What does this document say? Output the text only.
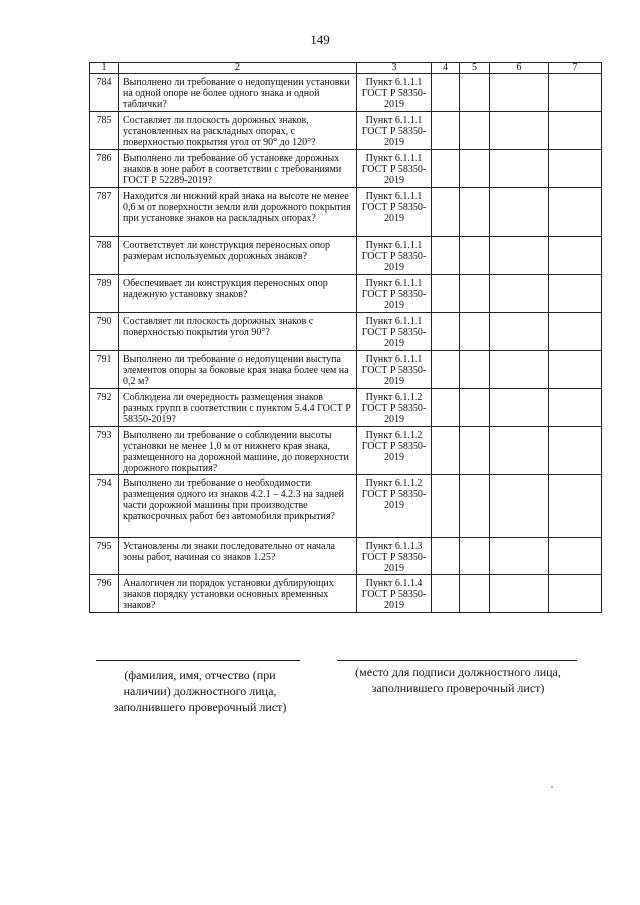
149
1	2	3	4	5	6	7
784	Выполнено ли требование о недопущении установки на одной опоре не более одного знака и одной таблички?	Пункт 6.1.1.1 ГОСТ Р 58350-2019				
785	Составляет ли плоскость дорожных знаков, установленных на раскладных опорах, с поверхностью покрытия угол от 90° до 120°?	Пункт 6.1.1.1 ГОСТ Р 58350-2019				
786	Выполнено ли требование об установке дорожных знаков в зоне работ в соответствии с требованиями ГОСТ Р 52289-2019?	Пункт 6.1.1.1 ГОСТ Р 58350-2019				
787	Находится ли нижний край знака на высоте не менее 0,6 м от поверхности земли или дорожного покрытия при установке знаков на раскладных опорах?	Пункт 6.1.1.1 ГОСТ Р 58350-2019				
788	Соответствует ли конструкция переносных опор размерам используемых дорожных знаков?	Пункт 6.1.1.1 ГОСТ Р 58350-2019				
789	Обеспечивает ли конструкция переносных опор надежную установку знаков?	Пункт 6.1.1.1 ГОСТ Р 58350-2019				
790	Составляет ли плоскость дорожных знаков с поверхностью покрытия угол 90°?	Пункт 6.1.1.1 ГОСТ Р 58350-2019				
791	Выполнено ли требование о недопущении выступа элементов опоры за боковые края знака более чем на 0,2 м?	Пункт 6.1.1.1 ГОСТ Р 58350-2019				
792	Соблюдена ли очередность размещения знаков разных групп в соответствии с пунктом 5.4.4 ГОСТ Р 58350-2019?	Пункт 6.1.1.2 ГОСТ Р 58350-2019				
793	Выполнено ли требование о соблюдении высоты установки не менее 1,0 м от нижнего края знака, размещенного на дорожной машине, до поверхности дорожного покрытия?	Пункт 6.1.1.2 ГОСТ Р 58350-2019				
794	Выполнено ли требование о необходимости размещения одного из знаков 4.2.1 – 4.2.3 на задней части дорожной машины при производстве краткосрочных работ без автомобиля прикрытия?	Пункт 6.1.1.2 ГОСТ Р 58350-2019				
795	Установлены ли знаки последовательно от начала зоны работ, начиная со знаков 1.25?	Пункт 6.1.1.3 ГОСТ Р 58350-2019				
796	Аналогичен ли порядок установки дублирующих знаков порядку установки основных временных знаков?	Пункт 6.1.1.4 ГОСТ Р 58350-2019				
(фамилия, имя, отчество (при наличии) должностного лица, заполнившего проверочный лист)
(место для подписи должностного лица, заполнившего проверочный лист)
